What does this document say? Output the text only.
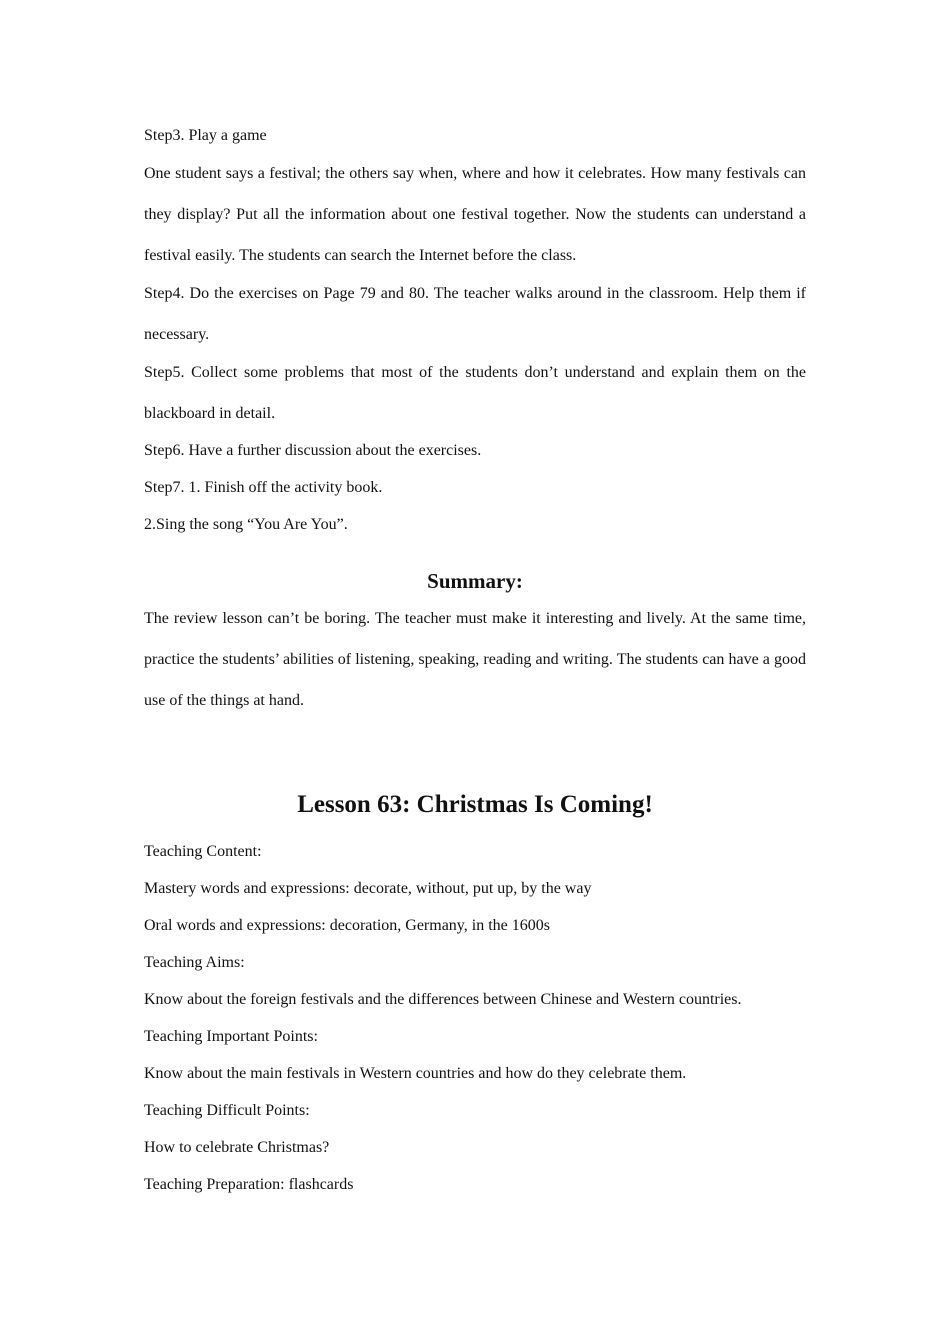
Step3. Play a game
One student says a festival; the others say when, where and how it celebrates. How many festivals can they display? Put all the information about one festival together. Now the students can understand a festival easily. The students can search the Internet before the class.
Step4. Do the exercises on Page 79 and 80. The teacher walks around in the classroom. Help them if necessary.
Step5. Collect some problems that most of the students don’t understand and explain them on the blackboard in detail.
Step6. Have a further discussion about the exercises.
Step7. 1. Finish off the activity book.
2.Sing the song “You Are You”.
Summary:
The review lesson can’t be boring. The teacher must make it interesting and lively. At the same time, practice the students’ abilities of listening, speaking, reading and writing. The students can have a good use of the things at hand.
Lesson 63: Christmas Is Coming!
Teaching Content:
Mastery words and expressions: decorate, without, put up, by the way
Oral words and expressions: decoration, Germany, in the 1600s
Teaching Aims:
Know about the foreign festivals and the differences between Chinese and Western countries.
Teaching Important Points:
Know about the main festivals in Western countries and how do they celebrate them.
Teaching Difficult Points:
How to celebrate Christmas?
Teaching Preparation: flashcards
